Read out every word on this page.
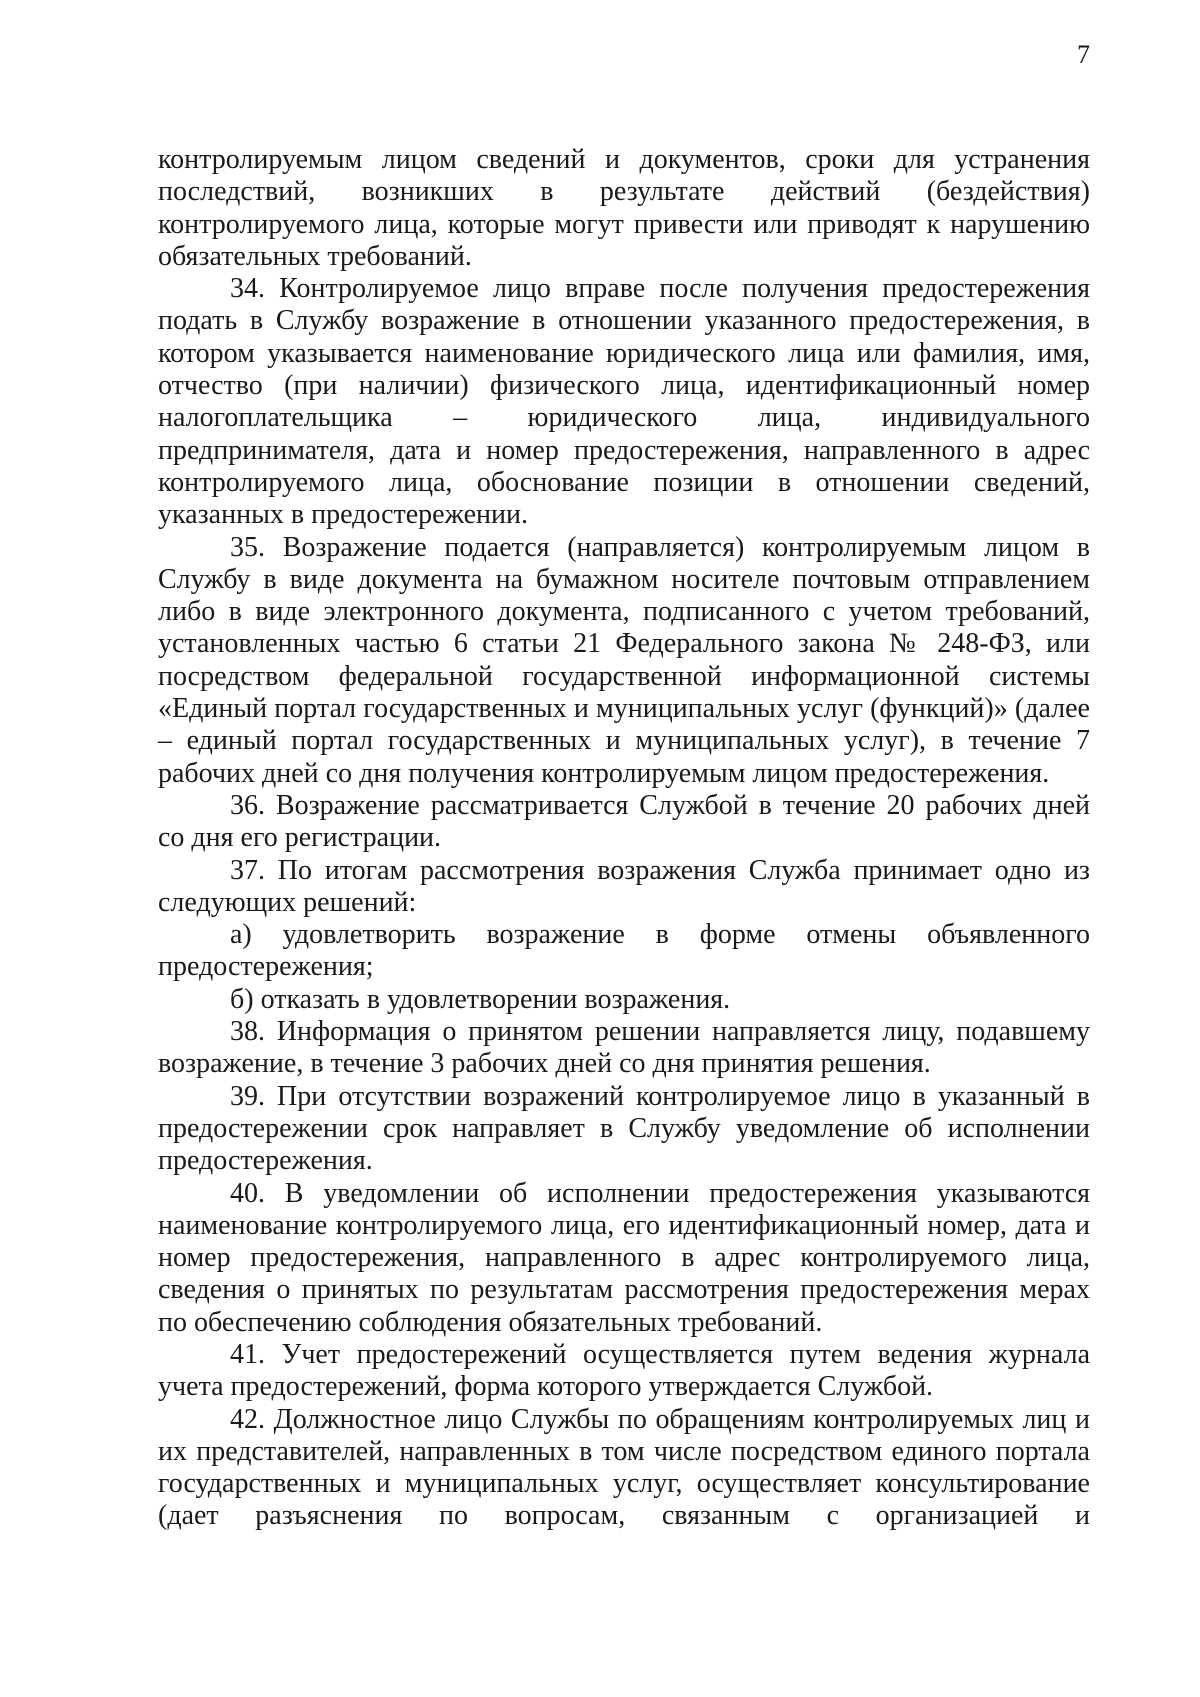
7

контролируемым лицом сведений и документов, сроки для устранения последствий, возникших в результате действий (бездействия) контролируемого лица, которые могут привести или приводят к нарушению обязательных требований.

34. Контролируемое лицо вправе после получения предостережения подать в Службу возражение в отношении указанного предостережения, в котором указывается наименование юридического лица или фамилия, имя, отчество (при наличии) физического лица, идентификационный номер налогоплательщика – юридического лица, индивидуального предпринимателя, дата и номер предостережения, направленного в адрес контролируемого лица, обоснование позиции в отношении сведений, указанных в предостережении.

35. Возражение подается (направляется) контролируемым лицом в Службу в виде документа на бумажном носителе почтовым отправлением либо в виде электронного документа, подписанного с учетом требований, установленных частью 6 статьи 21 Федерального закона № 248-ФЗ, или посредством федеральной государственной информационной системы «Единый портал государственных и муниципальных услуг (функций)» (далее – единый портал государственных и муниципальных услуг), в течение 7 рабочих дней со дня получения контролируемым лицом предостережения.

36. Возражение рассматривается Службой в течение 20 рабочих дней со дня его регистрации.

37. По итогам рассмотрения возражения Служба принимает одно из следующих решений:

а) удовлетворить возражение в форме отмены объявленного предостережения;

б) отказать в удовлетворении возражения.

38. Информация о принятом решении направляется лицу, подавшему возражение, в течение 3 рабочих дней со дня принятия решения.

39. При отсутствии возражений контролируемое лицо в указанный в предостережении срок направляет в Службу уведомление об исполнении предостережения.

40. В уведомлении об исполнении предостережения указываются наименование контролируемого лица, его идентификационный номер, дата и номер предостережения, направленного в адрес контролируемого лица, сведения о принятых по результатам рассмотрения предостережения мерах по обеспечению соблюдения обязательных требований.

41. Учет предостережений осуществляется путем ведения журнала учета предостережений, форма которого утверждается Службой.

42. Должностное лицо Службы по обращениям контролируемых лиц и их представителей, направленных в том числе посредством единого портала государственных и муниципальных услуг, осуществляет консультирование (дает разъяснения по вопросам, связанным с организацией и
